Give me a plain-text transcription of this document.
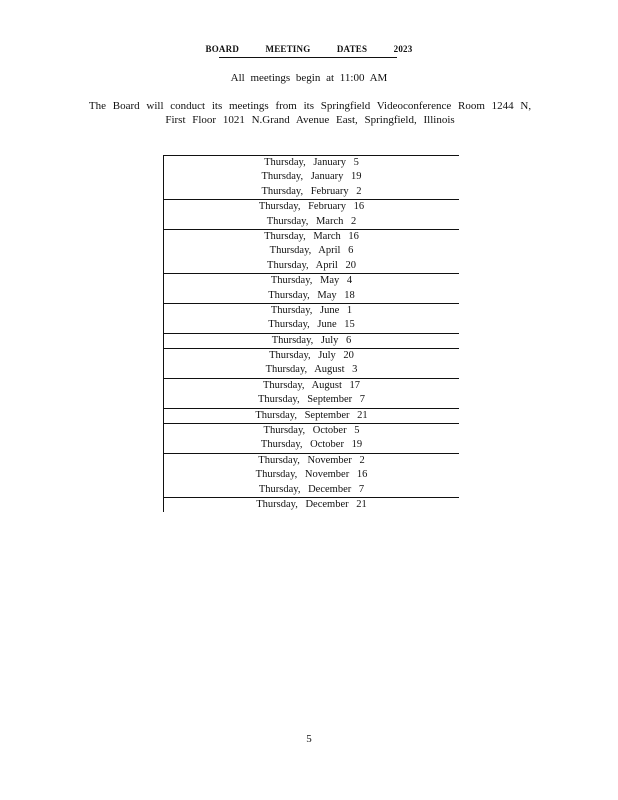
BOARD	MEETING	DATES	2023
All meetings begin at 11:00 AM
The Board will conduct its meetings from its Springfield Videoconference Room 1244 N,
First Floor 1021 N.Grand Avenue East, Springfield, Illinois
Thursday, January 5
Thursday, January 19
Thursday, February 2
Thursday, February 16
Thursday, March 2
Thursday, March 16
Thursday, April 6
Thursday, April 20
Thursday, May 4
Thursday, May 18
Thursday, June 1
Thursday, June 15
Thursday, July 6
Thursday, July 20
Thursday, August 3
Thursday, August 17
Thursday, September 7
Thursday, September 21
Thursday, October 5
Thursday, October 19
Thursday, November 2
Thursday, November 16
Thursday, December 7
Thursday, December 21
5
